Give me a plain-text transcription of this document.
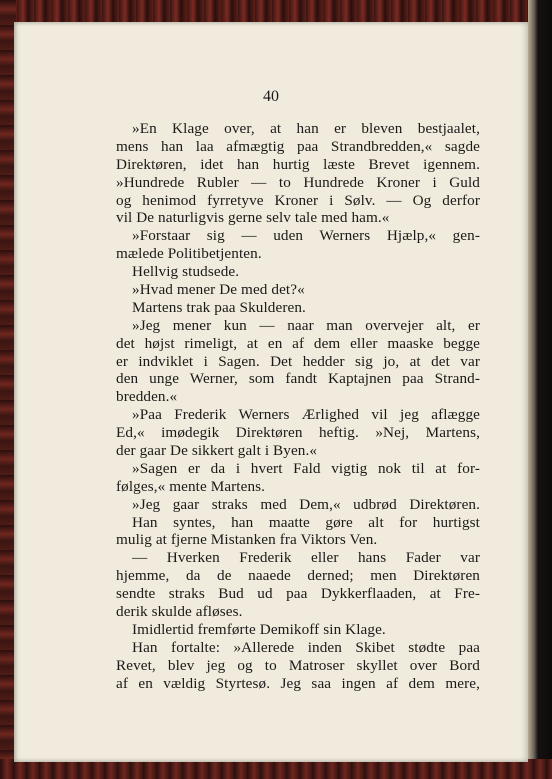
40
»En Klage over, at han er bleven bestjaalet,
mens han laa afmægtig paa Strandbredden,« sagde
Direktøren, idet han hurtig læste Brevet igennem.
»Hundrede Rubler — to Hundrede Kroner i Guld
og henimod fyrretyve Kroner i Sølv. — Og derfor
vil De naturligvis gerne selv tale med ham.«
»Forstaar sig — uden Werners Hjælp,« gen-
mælede Politibetjenten.
Hellvig studsede.
»Hvad mener De med det?«
Martens trak paa Skulderen.
»Jeg mener kun — naar man overvejer alt, er
det højst rimeligt, at en af dem eller maaske begge
er indviklet i Sagen. Det hedder sig jo, at det var
den unge Werner, som fandt Kaptajnen paa Strand-
bredden.«
»Paa Frederik Werners Ærlighed vil jeg aflægge
Ed,« imødegik Direktøren heftig. »Nej, Martens,
der gaar De sikkert galt i Byen.«
»Sagen er da i hvert Fald vigtig nok til at for-
følges,« mente Martens.
»Jeg gaar straks med Dem,« udbrød Direktøren.
Han syntes, han maatte gøre alt for hurtigst
mulig at fjerne Mistanken fra Viktors Ven.
— Hverken Frederik eller hans Fader var
hjemme, da de naaede derned; men Direktøren
sendte straks Bud ud paa Dykkerflaaden, at Fre-
derik skulde afløses.
Imidlertid fremførte Demikoff sin Klage.
Han fortalte: »Allerede inden Skibet stødte paa
Revet, blev jeg og to Matroser skyllet over Bord
af en vældig Styrtesø. Jeg saa ingen af dem mere,
